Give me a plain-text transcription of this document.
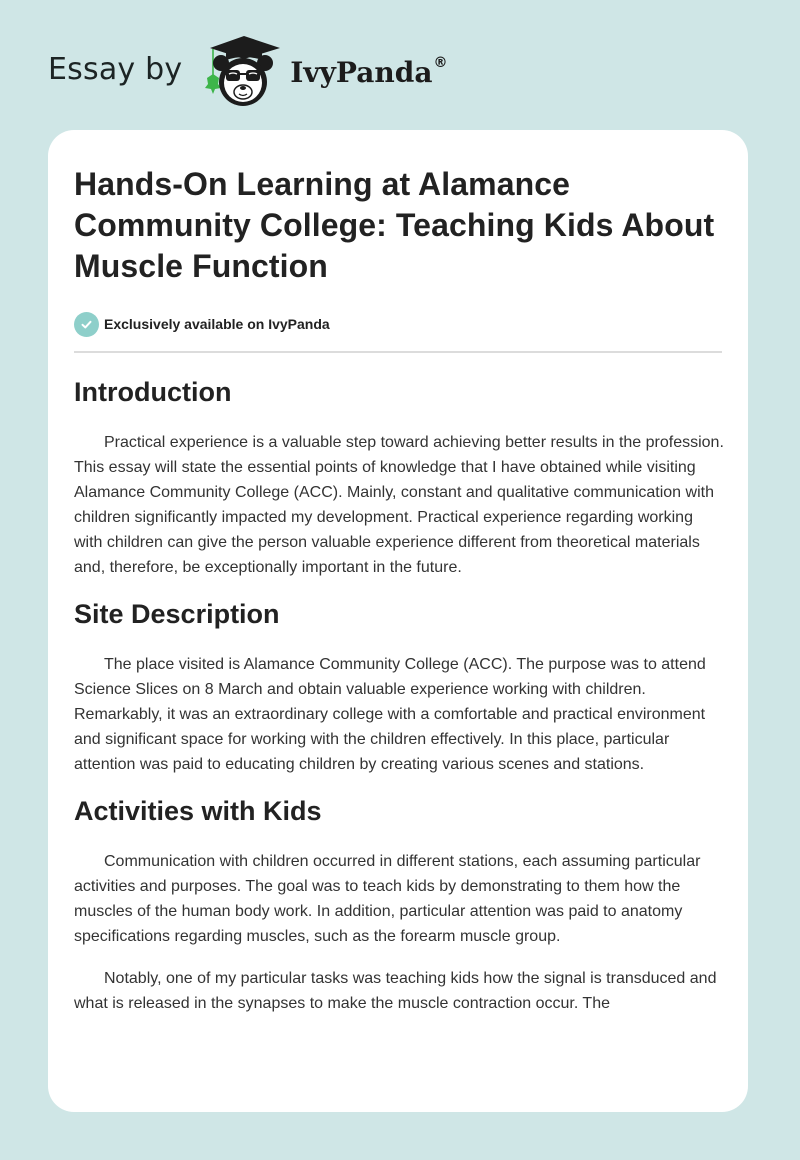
Essay by	IvyPanda®
Hands-On Learning at Alamance Community College: Teaching Kids About Muscle Function
Exclusively available on IvyPanda
Introduction

Practical experience is a valuable step toward achieving better results in the profession. This essay will state the essential points of knowledge that I have obtained while visiting Alamance Community College (ACC). Mainly, constant and qualitative communication with children significantly impacted my development. Practical experience regarding working with children can give the person valuable experience different from theoretical materials and, therefore, be exceptionally important in the future.

Site Description

The place visited is Alamance Community College (ACC). The purpose was to attend Science Slices on 8 March and obtain valuable experience working with children. Remarkably, it was an extraordinary college with a comfortable and practical environment and significant space for working with the children effectively. In this place, particular attention was paid to educating children by creating various scenes and stations.

Activities with Kids

Communication with children occurred in different stations, each assuming particular activities and purposes. The goal was to teach kids by demonstrating to them how the muscles of the human body work. In addition, particular attention was paid to anatomy specifications regarding muscles, such as the forearm muscle group.

Notably, one of my particular tasks was teaching kids how the signal is transduced and what is released in the synapses to make the muscle contraction occur. The
